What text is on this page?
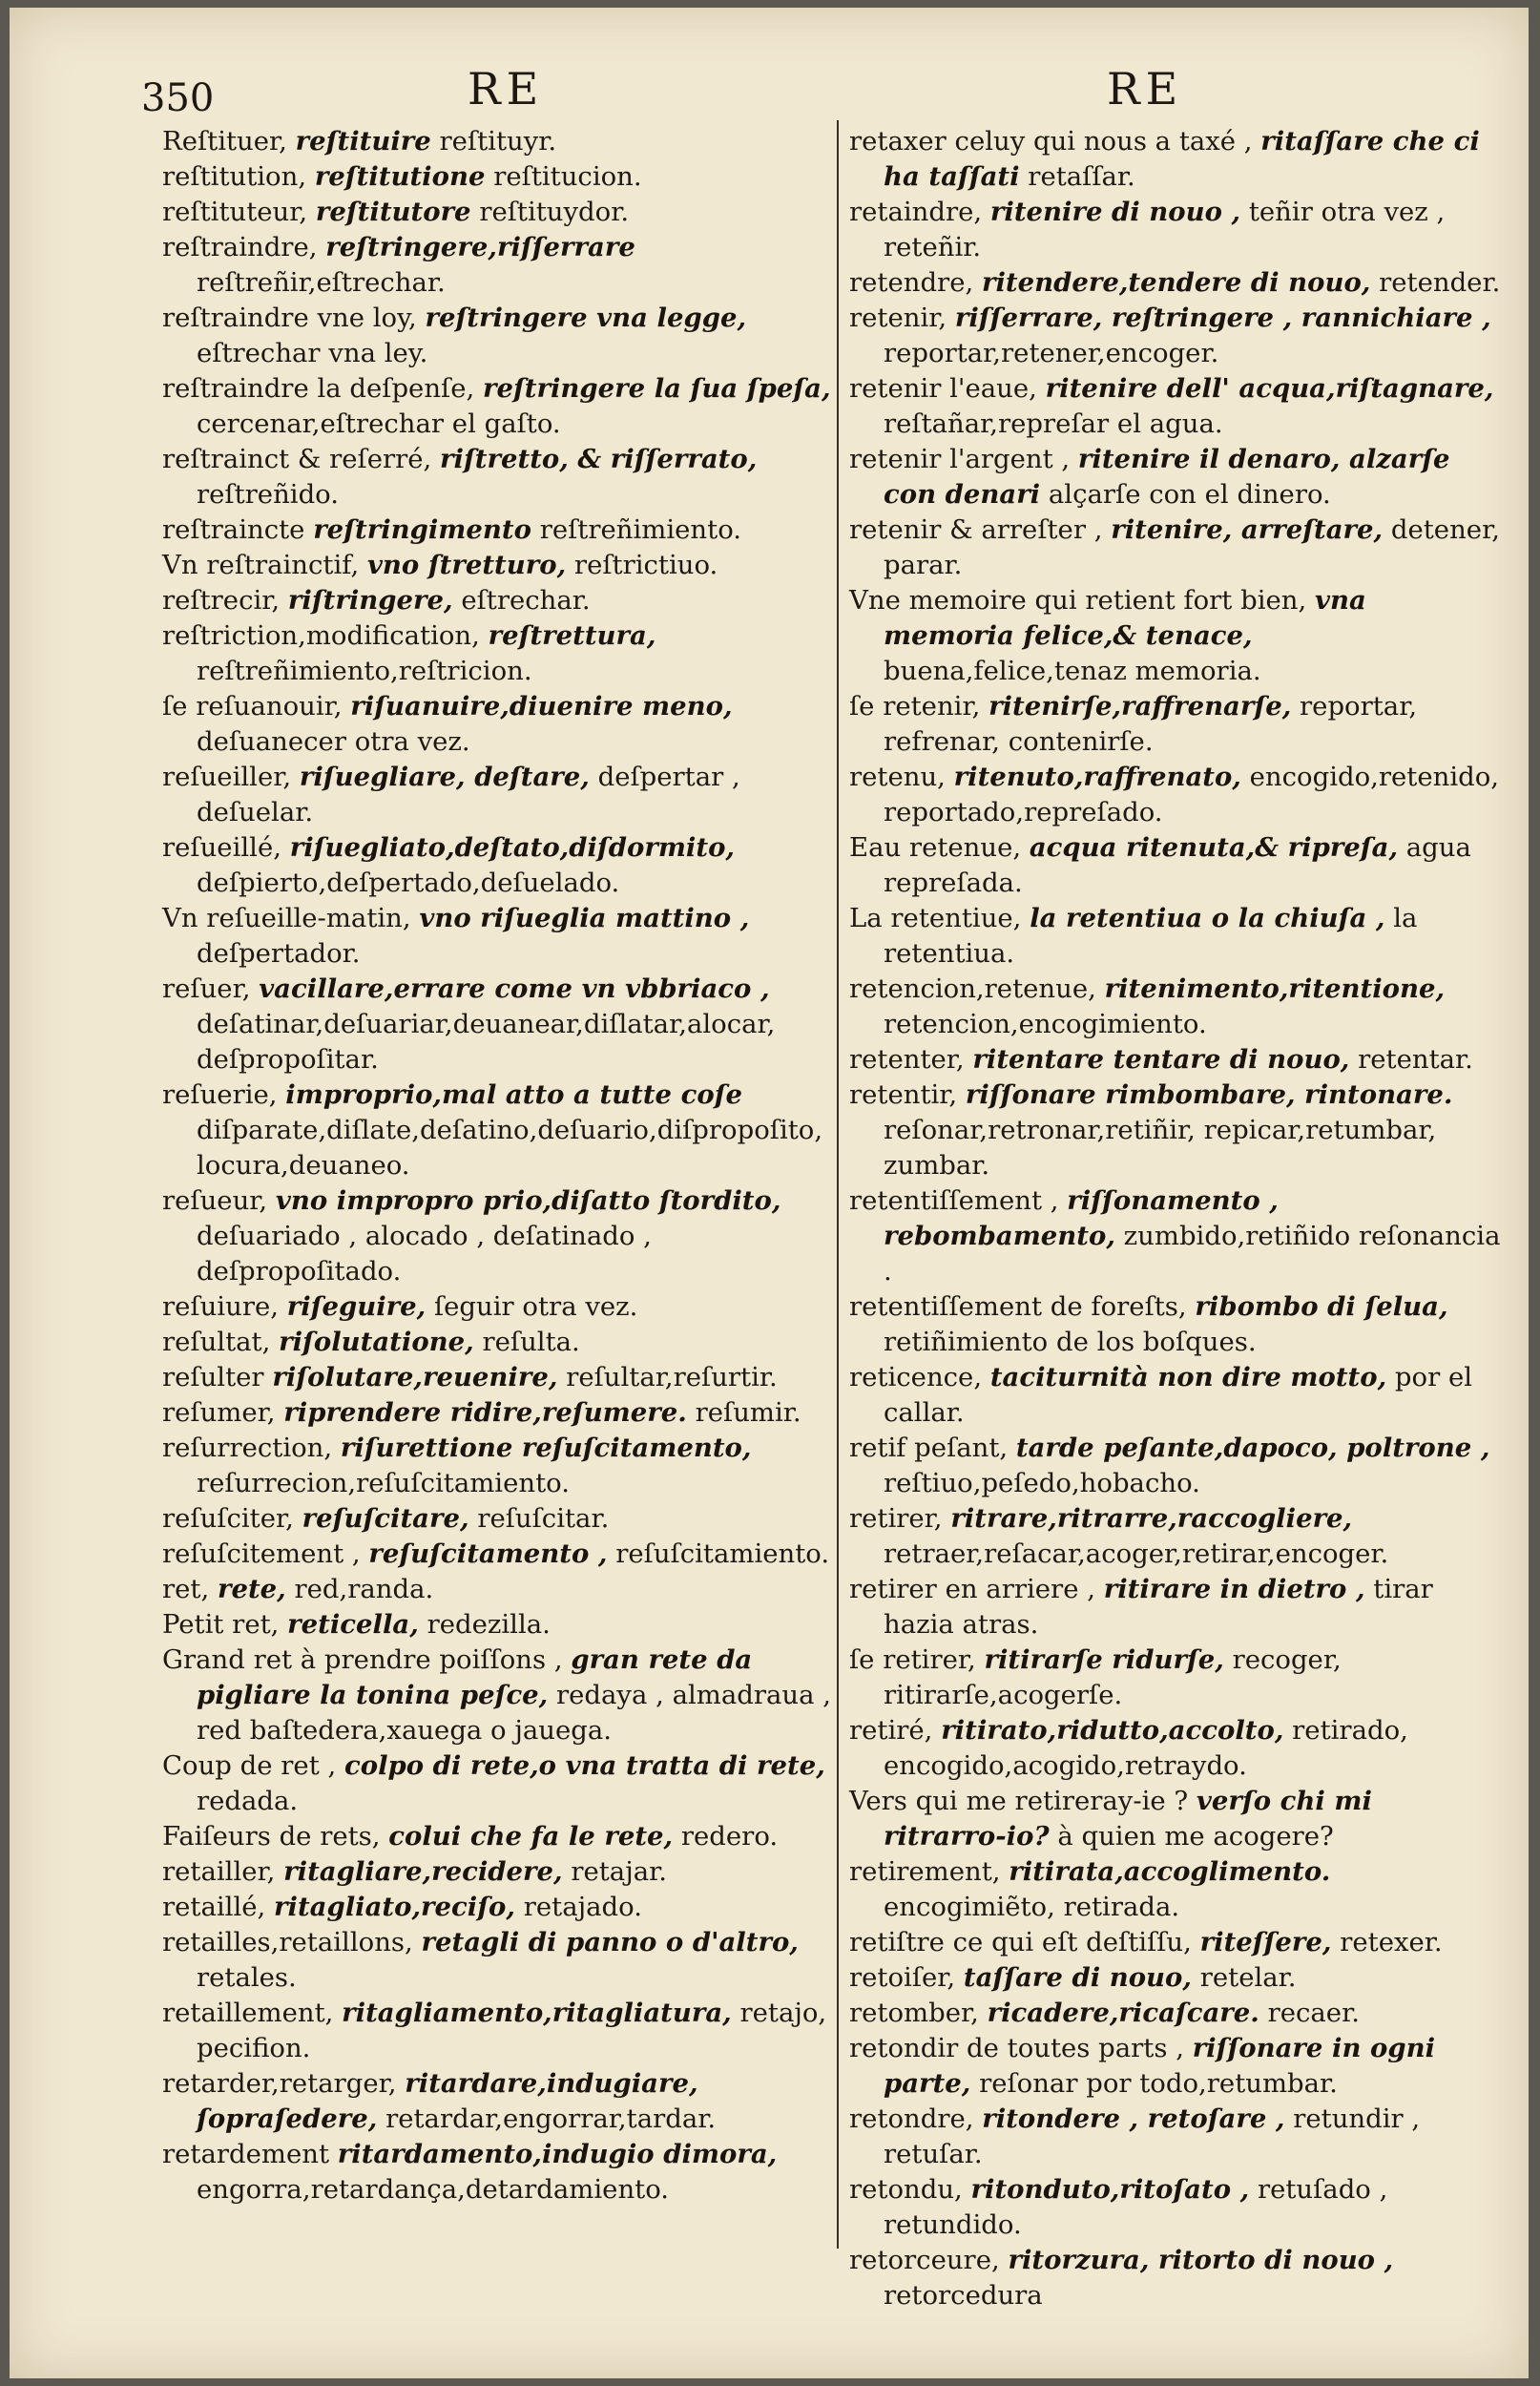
350	RE	RE
Reſtituer, reſtituire reſtituyr.
reſtitution, reſtitutione reſtitucion.
reſtituteur, reſtitutore reſtituydor.
reſtraindre, reſtringere,riſſerrare reſtreñir,eſtrechar.
reſtraindre vne loy, reſtringere vna legge, eſtrechar vna ley.
reſtraindre la deſpenſe, reſtringere la ſua ſpeſa, cercenar,eſtrechar el gaſto.
reſtrainct & reſerré, riſtretto, & riſſerrato, reſtreñido.
reſtraincte reſtringimento reſtreñimiento.
Vn reſtrainctif, vno ſtretturo, reſtrictiuo.
reſtrecir, riſtringere, eſtrechar.
reſtriction,modification, reſtrettura, reſtreñimiento,reſtricion.
ſe reſuanouir, riſuanuire,diuenire meno, deſuanecer otra vez.
reſueiller, riſuegliare, deſtare, deſpertar , deſuelar.
reſueillé, riſuegliato,deſtato,diſdormito, deſpierto,deſpertado,deſuelado.
Vn reſueille-matin, vno riſueglia mattino , deſpertador.
reſuer, vacillare,errare come vn vbbriaco , deſatinar,deſuariar,deuanear,diſlatar,alocar, deſpropoſitar.
reſuerie, improprio,mal atto a tutte coſe diſparate,diſlate,deſatino,deſuario,diſpropoſito, locura,deuaneo.
reſueur, vno impropro prio,diſatto ſtordito, deſuariado , alocado , deſatinado , deſpropoſitado.
reſuiure, riſeguire, ſeguir otra vez.
reſultat, riſolutatione, reſulta.
reſulter riſolutare,reuenire, reſultar,reſurtir.
reſumer, riprendere ridire,reſumere. reſumir.
reſurrection, riſurettione reſuſcitamento, reſurrecion,reſuſcitamiento.
reſuſciter, reſuſcitare, reſuſcitar.
reſuſcitement , reſuſcitamento , reſuſcitamiento.
ret, rete, red,randa.
Petit ret, reticella, redezilla.
Grand ret à prendre poiſſons , gran rete da pigliare la tonina peſce, redaya , almadraua , red baſtedera,xauega o jauega.
Coup de ret , colpo di rete,o vna tratta di rete, redada.
Faiſeurs de rets, colui che fa le rete, redero.
retailler, ritagliare,recidere, retajar.
retaillé, ritagliato,reciſo, retajado.
retailles,retaillons, retagli di panno o d'altro, retales.
retaillement, ritagliamento,ritagliatura, retajo, pecifion.
retarder,retarger, ritardare,indugiare, ſopraſedere, retardar,engorrar,tardar.
retardement ritardamento,indugio dimora, engorra,retardança,detardamiento.
retaxer celuy qui nous a taxé , ritaſſare che ci ha taſſati retaſſar.
retaindre, ritenire di nouo , teñir otra vez , reteñir.
retendre, ritendere,tendere di nouo, retender.
retenir, riſſerrare, reſtringere , rannichiare , reportar,retener,encoger.
retenir l'eaue, ritenire dell' acqua,riſtagnare, reſtañar,repreſar el agua.
retenir l'argent , ritenire il denaro, alzarſe con denari alçarſe con el dinero.
retenir & arreſter , ritenire, arreſtare, detener, parar.
Vne memoire qui retient fort bien, vna memoria felice,& tenace, buena,felice,tenaz memoria.
ſe retenir, ritenirſe,raffrenarſe, reportar, refrenar, contenirſe.
retenu, ritenuto,raffrenato, encogido,retenido, reportado,repreſado.
Eau retenue, acqua ritenuta,& ripreſa, agua repreſada.
La retentiue, la retentiua o la chiuſa , la retentiua.
retencion,retenue, ritenimento,ritentione, retencion,encogimiento.
retenter, ritentare tentare di nouo, retentar.
retentir, riſſonare rimbombare, rintonare. reſonar,retronar,retiñir, repicar,retumbar, zumbar.
retentiſſement , riſſonamento , rebombamento, zumbido,retiñido reſonancia .
retentiſſement de foreſts, ribombo di ſelua, retiñimiento de los boſques.
reticence, taciturnità non dire motto, por el callar.
retif peſant, tarde peſante,dapoco, poltrone , reſtiuo,peſedo,hobacho.
retirer, ritrare,ritrarre,raccogliere, retraer,reſacar,acoger,retirar,encoger.
retirer en arriere , ritirare in dietro , tirar hazia atras.
ſe retirer, ritirarſe ridurſe, recoger, ritirarſe,acogerſe.
retiré, ritirato,ridutto,accolto, retirado, encogido,acogido,retraydo.
Vers qui me retireray-ie ? verſo chi mi ritrarro-io? à quien me acogere?
retirement, ritirata,accoglimento. encogimiẽto, retirada.
retiſtre ce qui eſt deſtiſſu, riteſſere, retexer.
retoiſer, taſſare di nouo, retelar.
retomber, ricadere,ricaſcare. recaer.
retondir de toutes parts , riſſonare in ogni parte, reſonar por todo,retumbar.
retondre, ritondere , retoſare , retundir , retuſar.
retondu, ritonduto,ritoſato , retuſado , retundido.
retorceure, ritorzura, ritorto di nouo , retorcedura
